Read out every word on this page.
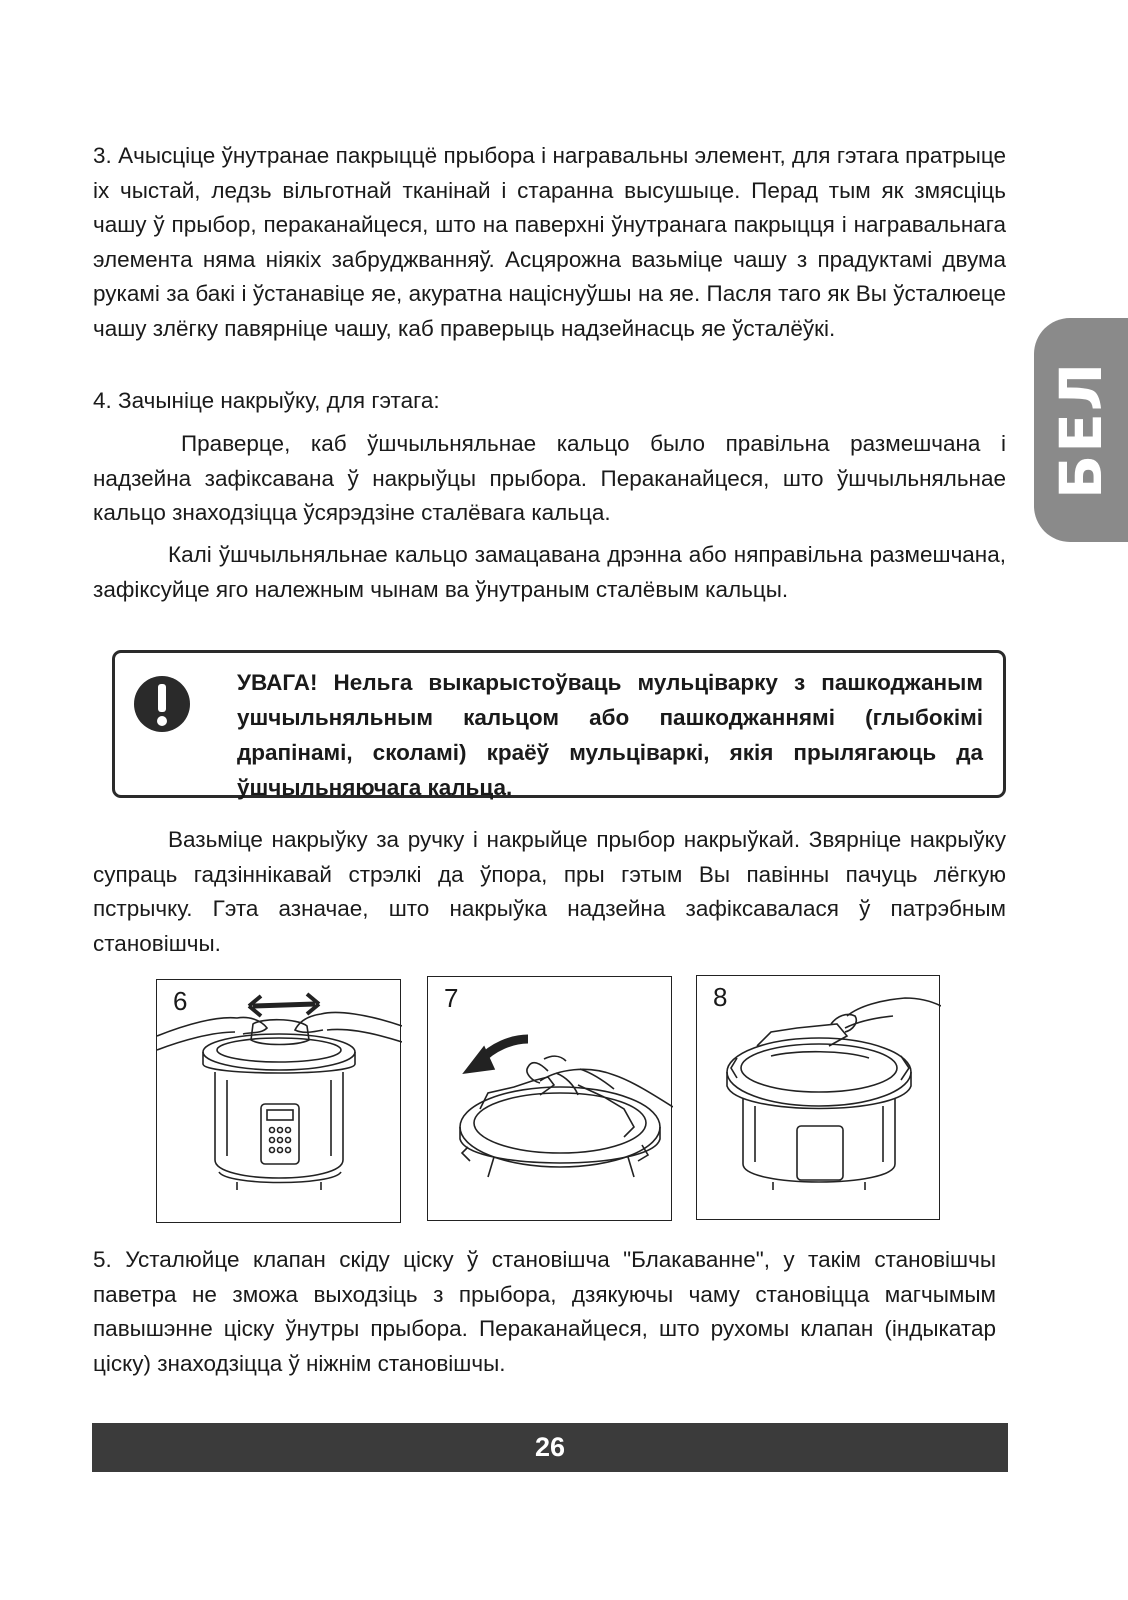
БЕЛ

3. Ачысціце ўнутранае пакрыццё прыбора і награвальны элемент, для гэтага пратрыце іх чыстай, ледзь вільготнай тканінай і старанна высушыце. Перад тым як змясціць чашу ў прыбор, пераканайцеся, што на паверхні ўнутранага пакрыцця і награвальнага элемента няма ніякіх забруджванняў. Асцярожна вазьміце чашу з прадуктамі двума рукамі за бакі і ўстанавіце яе, акуратна націснуўшы на яе. Пасля таго як Вы ўсталюеце чашу злёгку павярніце чашу, каб праверыць надзейнасць яе ўсталёўкі.

4. Зачыніце накрыўку, для гэтага:

Праверце, каб ўшчыльняльнае кальцо было правільна размешчана і надзейна зафіксавана ў накрыўцы прыбора. Пераканайцеся, што ўшчыльняльнае кальцо знаходзіцца ўсярэдзіне сталёвага кальца.

Калі ўшчыльняльнае кальцо замацавана дрэнна або няправільна размешчана, зафіксуйце яго належным чынам ва ўнутраным сталёвым кальцы.

УВАГА! Нельга выкарыстоўваць мульціварку з пашкоджаным ушчыльняльным кальцом або пашкоджаннямі (глыбокімі драпінамі, сколамі) краёў мульціваркі, якія прылягаюць да ўшчыльняючага кальца.

Вазьміце накрыўку за ручку і накрыйце прыбор накрыўкай. Звярніце накрыўку супраць гадзіннікавай стрэлкі да ўпора, пры гэтым Вы павінны пачуць лёгкую пстрычку. Гэта азначае, што накрыўка надзейна зафіксавалася ў патрэбным становішчы.

6	7	8

5. Усталюйце клапан скіду ціску ў становішча "Блакаванне", у такім становішчы паветра не зможа выходзіць з прыбора, дзякуючы чаму становіцца магчымым павышэнне ціску ўнутры прыбора. Пераканайцеся, што рухомы клапан (індыкатар ціску) знаходзіцца ў ніжнім становішчы.

26
